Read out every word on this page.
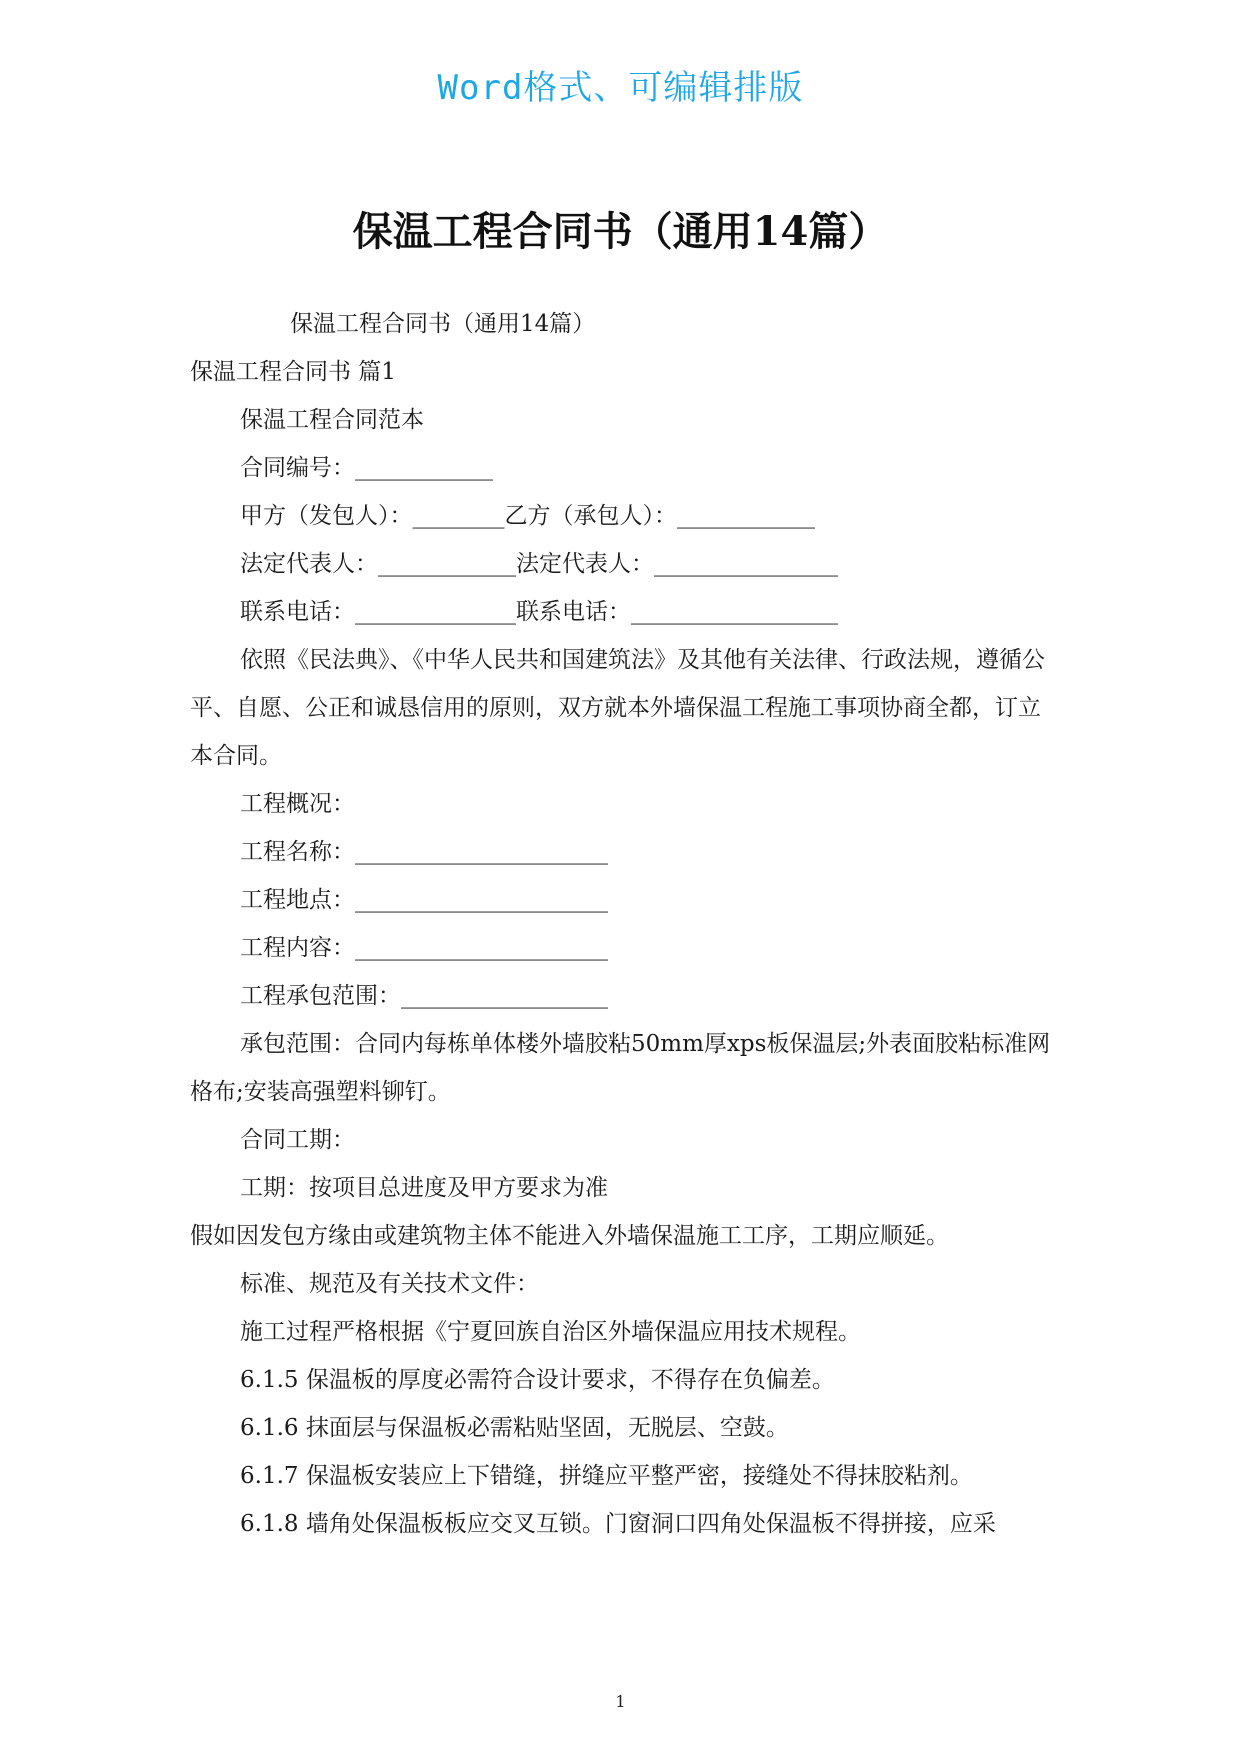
Word格式、可编辑排版
保温工程合同书（通用14篇）

保温工程合同书（通用14篇）

保温工程合同书 篇1

保温工程合同范本

合同编号：____________

甲方（发包人）：________乙方（承包人）：____________

法定代表人：____________法定代表人：________________

联系电话：______________联系电话：__________________

依照《民法典》、《中华人民共和国建筑法》及其他有关法律、行政法规，遵循公平、自愿、公正和诚恳信用的原则，双方就本外墙保温工程施工事项协商全都，订立本合同。

工程概况：

工程名称：______________________

工程地点：______________________

工程内容：______________________

工程承包范围：__________________

承包范围：合同内每栋单体楼外墙胶粘50mm厚xps板保温层;外表面胶粘标准网格布;安装高强塑料铆钉。

合同工期：

工期：按项目总进度及甲方要求为准

假如因发包方缘由或建筑物主体不能进入外墙保温施工工序，工期应顺延。

标准、规范及有关技术文件：

施工过程严格根据《宁夏回族自治区外墙保温应用技术规程。

6.1.5 保温板的厚度必需符合设计要求，不得存在负偏差。

6.1.6 抹面层与保温板必需粘贴坚固，无脱层、空鼓。

6.1.7 保温板安装应上下错缝，拼缝应平整严密，接缝处不得抹胶粘剂。

6.1.8 墙角处保温板板应交叉互锁。门窗洞口四角处保温板不得拼接，应采

1
